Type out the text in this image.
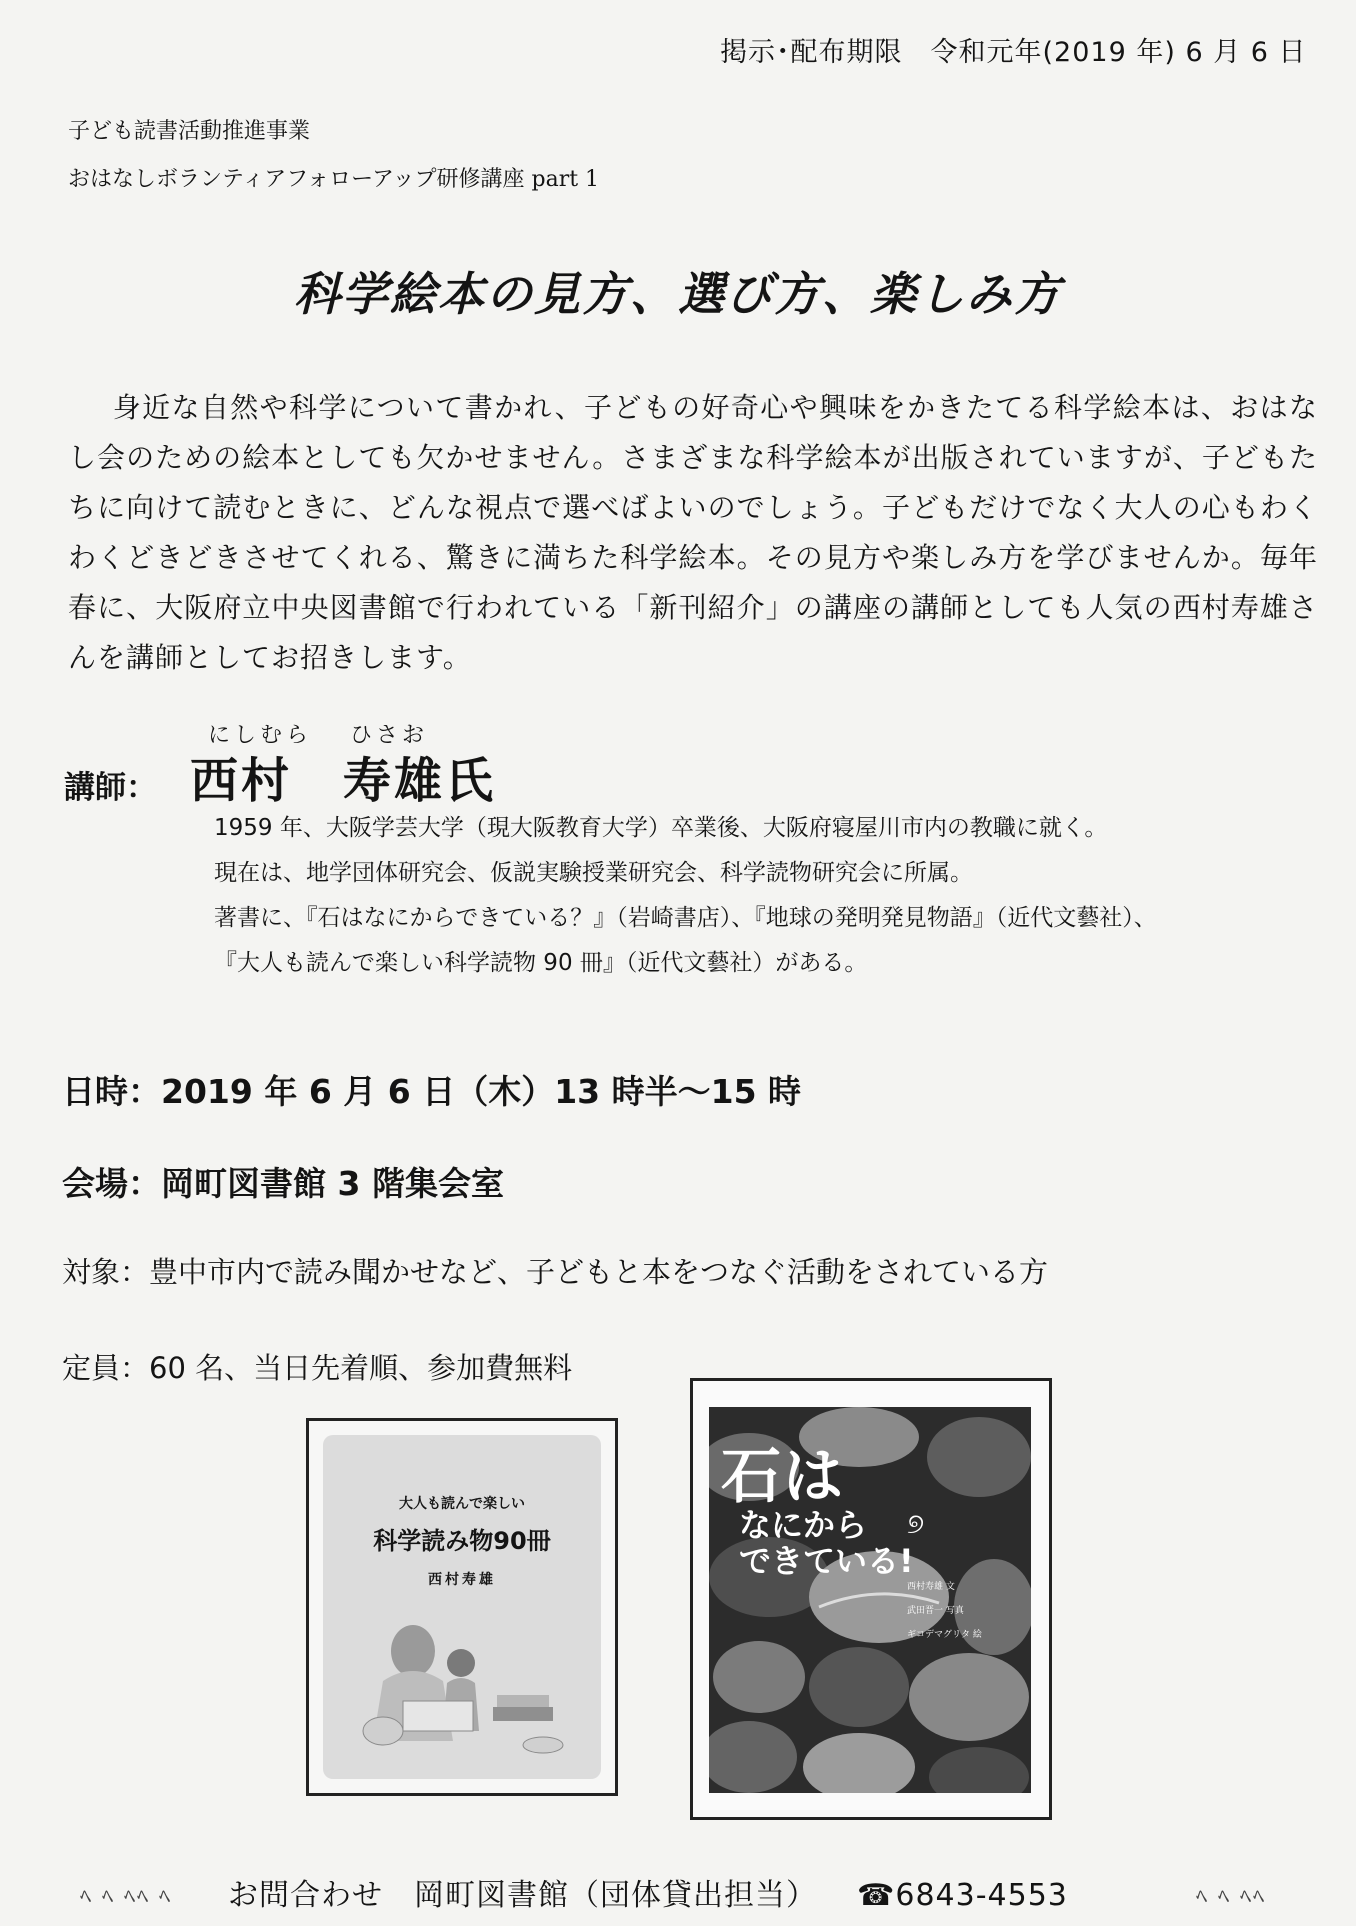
掲示･配布期限　令和元年(2019 年) 6 月 6 日
子ども読書活動推進事業
おはなしボランティアフォローアップ研修講座 part 1
科学絵本の見方、選び方、楽しみ方
身近な自然や科学について書かれ、子どもの好奇心や興味をかきたてる科学絵本は、おはなし会のための絵本としても欠かせません。さまざまな科学絵本が出版されていますが、子どもたちに向けて読むときに、どんな視点で選べばよいのでしょう。子どもだけでなく大人の心もわくわくどきどきさせてくれる、驚きに満ちた科学絵本。その見方や楽しみ方を学びませんか。毎年春に、大阪府立中央図書館で行われている「新刊紹介」の講座の講師としても人気の西村寿雄さんを講師としてお招きします。
にしむら ひさお
講師： 西村　寿雄氏
1959 年、大阪学芸大学（現大阪教育大学）卒業後、大阪府寝屋川市内の教職に就く。
現在は、地学団体研究会、仮説実験授業研究会、科学読物研究会に所属。
著書に、『石はなにからできている？』（岩崎書店）、『地球の発明発見物語』（近代文藝社）、
『大人も読んで楽しい科学読物 90 冊』（近代文藝社）がある。
日時：2019 年 6 月 6 日（木）13 時半～15 時
会場：岡町図書館 3 階集会室
対象：豊中市内で読み聞かせなど、子どもと本をつなぐ活動をされている方
定員：60 名、当日先着順、参加費無料
大人も読んで楽しい
科学読み物90冊
西村寿雄
石は
なにから
できている!
୭
西村寿雄 文
武田晋一 写真
ギコデマグリタ 絵
ﾍ ﾍ ﾍﾍ ﾍ お問合わせ　岡町図書館（団体貸出担当） ☎6843-4553	ﾍ ﾍ ﾍﾍ
